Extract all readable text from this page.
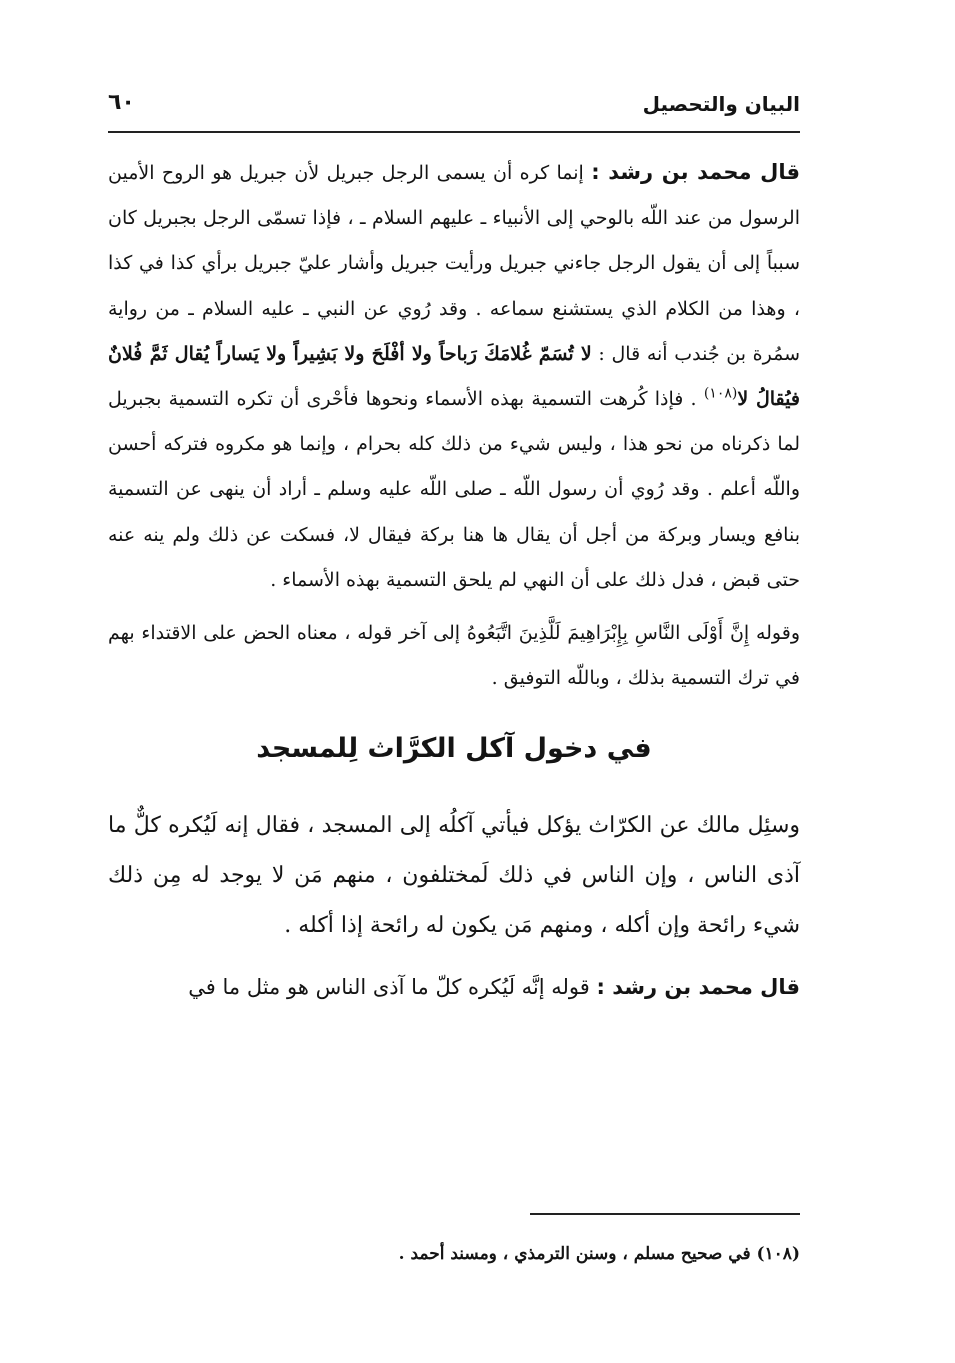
٦٠	البيان والتحصيل

قال محمد بن رشد : إنما كره أن يسمى الرجل جبريل لأن جبريل هو الروح الأمين الرسول من عند اللّه بالوحي إلى الأنبياء ـ عليهم السلام ـ ، فإذا تسمّى الرجل بجبريل كان سبباً إلى أن يقول الرجل جاءني جبريل ورأيت جبريل وأشار عليّ جبريل برأي كذا في كذا ، وهذا من الكلام الذي يستشنع سماعه . وقد رُوي عن النبي ـ عليه السلام ـ من رواية سمُرة بن جُندب أنه قال : لا تُسَمّ غُلامَكَ رَباحاً ولا أفْلَحَ ولا بَشِيراً ولا يَساراً يُقال ثَمَّ فُلانٌ فيُقالُ لا$^{(١٠٨)}$ . فإذا كُرهت التسمية بهذه الأسماء ونحوها فأحْرى أن تكره التسمية بجبريل لما ذكرناه من نحو هذا ، وليس شيء من ذلك كله بحرام ، وإنما هو مكروه فتركه أحسن واللّه أعلم . وقد رُوي أن رسول اللّه ـ صلى اللّه عليه وسلم ـ أراد أن ينهى عن التسمية بنافع ويسار وبركة من أجل أن يقال ها هنا بركة فيقال لا، فسكت عن ذلك ولم ينه عنه حتى قبض ، فدل ذلك على أن النهي لم يلحق التسمية بهذه الأسماء .

وقوله إِنَّ أَوْلَى النَّاسِ بِإِبْرَاهِيمَ لَلَّذِينَ اتَّبَعُوهُ إلى آخر قوله ، معناه الحض على الاقتداء بهم في ترك التسمية بذلك ، وباللّه التوفيق .

في دخول آكل الكرَّاث لِلمسجد

وسئِل مالك عن الكرّاث يؤكل فيأتي آكلُه إلى المسجد ، فقال إنه لَيُكره كلٌّ ما آذى الناس ، وإن الناس في ذلك لَمختلفون ، منهم مَن لا يوجد له مِن ذلك شيء رائحة وإن أكله ، ومنهم مَن يكون له رائحة إذا أكله .

قال محمد بن رشد : قوله إنَّه لَيُكره كلّ ما آذى الناس هو مثل ما في

(١٠٨) في صحيح مسلم ، وسنن الترمذي ، ومسند أحمد .
